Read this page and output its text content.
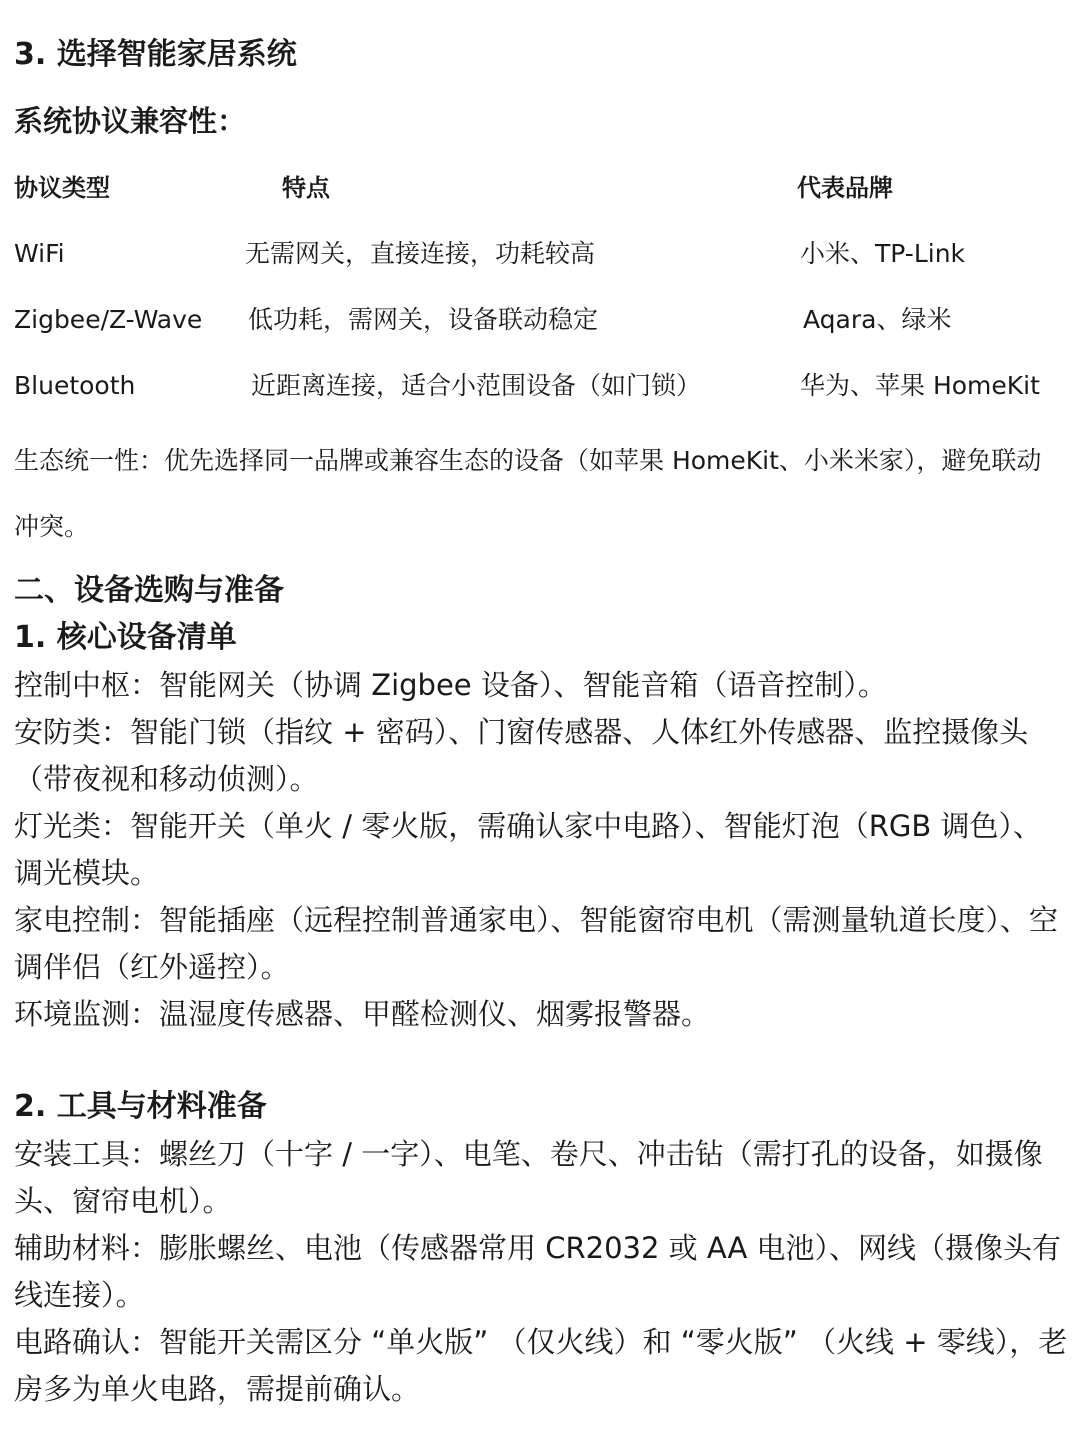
3. 选择智能家居系统
系统协议兼容性：
协议类型	特点	代表品牌
WiFi	无需网关，直接连接，功耗较高	小米、TP-Link
Zigbee/Z-Wave 低功耗，需网关，设备联动稳定	Aqara、绿米
Bluetooth	近距离连接，适合小范围设备（如门锁）	华为、苹果 HomeKit
生态统一性：优先选择同一品牌或兼容生态的设备（如苹果 HomeKit、小米米家），避免联动冲突。
二、设备选购与准备
1. 核心设备清单

控制中枢：智能网关（协调 Zigbee 设备）、智能音箱（语音控制）。

安防类：智能门锁（指纹 + 密码）、门窗传感器、人体红外传感器、监控摄像头（带夜视和移动侦测）。

灯光类：智能开关（单火 / 零火版，需确认家中电路）、智能灯泡（RGB 调色）、调光模块。

家电控制：智能插座（远程控制普通家电）、智能窗帘电机（需测量轨道长度）、空调伴侣（红外遥控）。

环境监测：温湿度传感器、甲醛检测仪、烟雾报警器。

2. 工具与材料准备

安装工具：螺丝刀（十字 / 一字）、电笔、卷尺、冲击钻（需打孔的设备，如摄像头、窗帘电机）。

辅助材料：膨胀螺丝、电池（传感器常用 CR2032 或 AA 电池）、网线（摄像头有线连接）。

电路确认：智能开关需区分 “单火版” （仅火线）和 “零火版” （火线 + 零线），老房多为单火电路，需提前确认。
